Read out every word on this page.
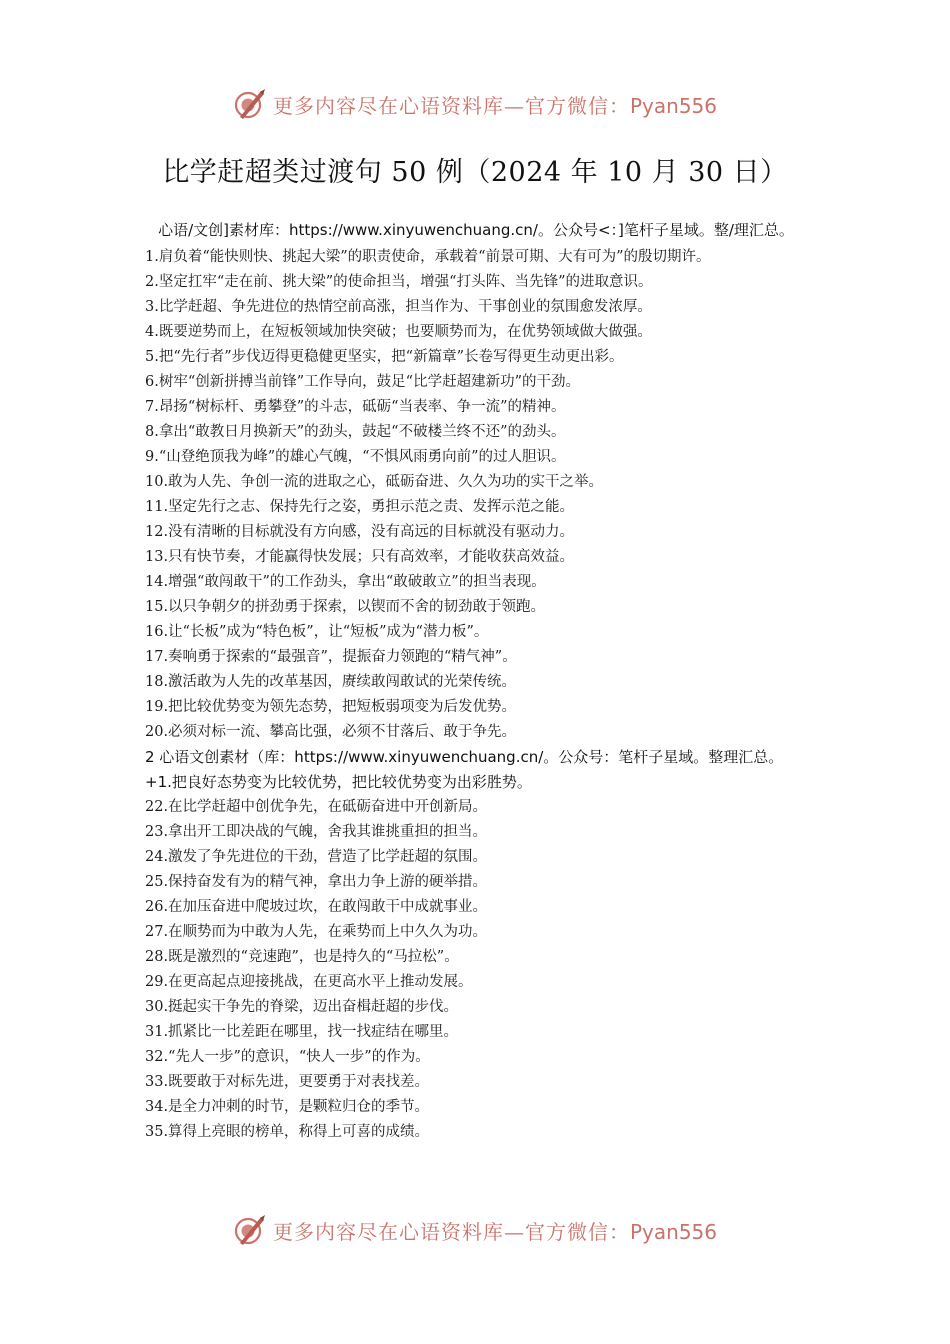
更多内容尽在心语资料库—官方微信：Pyan556
比学赶超类过渡句 50 例（2024 年 10 月 30 日）

心语/文创]素材库：https://www.xinyuwenchuang.cn/。公众号<：]笔杆子星域。整/理汇总。

1.肩负着“能快则快、挑起大梁”的职责使命，承载着“前景可期、大有可为”的殷切期许。
2.坚定扛牢“走在前、挑大梁”的使命担当，增强“打头阵、当先锋”的进取意识。
3.比学赶超、争先进位的热情空前高涨，担当作为、干事创业的氛围愈发浓厚。
4.既要逆势而上，在短板领域加快突破；也要顺势而为，在优势领域做大做强。
5.把“先行者”步伐迈得更稳健更坚实，把“新篇章”长卷写得更生动更出彩。
6.树牢“创新拼搏当前锋”工作导向，鼓足“比学赶超建新功”的干劲。
7.昂扬“树标杆、勇攀登”的斗志，砥砺“当表率、争一流”的精神。
8.拿出“敢教日月换新天”的劲头，鼓起“不破楼兰终不还”的劲头。
9.“山登绝顶我为峰”的雄心气魄，“不惧风雨勇向前”的过人胆识。
10.敢为人先、争创一流的进取之心，砥砺奋进、久久为功的实干之举。
11.坚定先行之志、保持先行之姿，勇担示范之责、发挥示范之能。
12.没有清晰的目标就没有方向感，没有高远的目标就没有驱动力。
13.只有快节奏，才能赢得快发展；只有高效率，才能收获高效益。
14.增强“敢闯敢干”的工作劲头，拿出“敢破敢立”的担当表现。
15.以只争朝夕的拼劲勇于探索，以锲而不舍的韧劲敢于领跑。
16.让“长板”成为“特色板”，让“短板”成为“潜力板”。
17.奏响勇于探索的“最强音”，提振奋力领跑的“精气神”。
18.激活敢为人先的改革基因，赓续敢闯敢试的光荣传统。
19.把比较优势变为领先态势，把短板弱项变为后发优势。
20.必须对标一流、攀高比强，必须不甘落后、敢于争先。

2 心语文创素材（库：https://www.xinyuwenchuang.cn/。公众号：笔杆子星域。整理汇总。+1.把良好态势变为比较优势，把比较优势变为出彩胜势。

22.在比学赶超中创优争先，在砥砺奋进中开创新局。
23.拿出开工即决战的气魄，舍我其谁挑重担的担当。
24.激发了争先进位的干劲，营造了比学赶超的氛围。
25.保持奋发有为的精气神，拿出力争上游的硬举措。
26.在加压奋进中爬坡过坎，在敢闯敢干中成就事业。
27.在顺势而为中敢为人先，在乘势而上中久久为功。
28.既是激烈的“竞速跑”，也是持久的“马拉松”。
29.在更高起点迎接挑战，在更高水平上推动发展。
30.挺起实干争先的脊梁，迈出奋楫赶超的步伐。
31.抓紧比一比差距在哪里，找一找症结在哪里。
32.“先人一步”的意识，“快人一步”的作为。
33.既要敢于对标先进，更要勇于对表找差。
34.是全力冲刺的时节，是颗粒归仓的季节。
35.算得上亮眼的榜单，称得上可喜的成绩。
更多内容尽在心语资料库—官方微信：Pyan556
